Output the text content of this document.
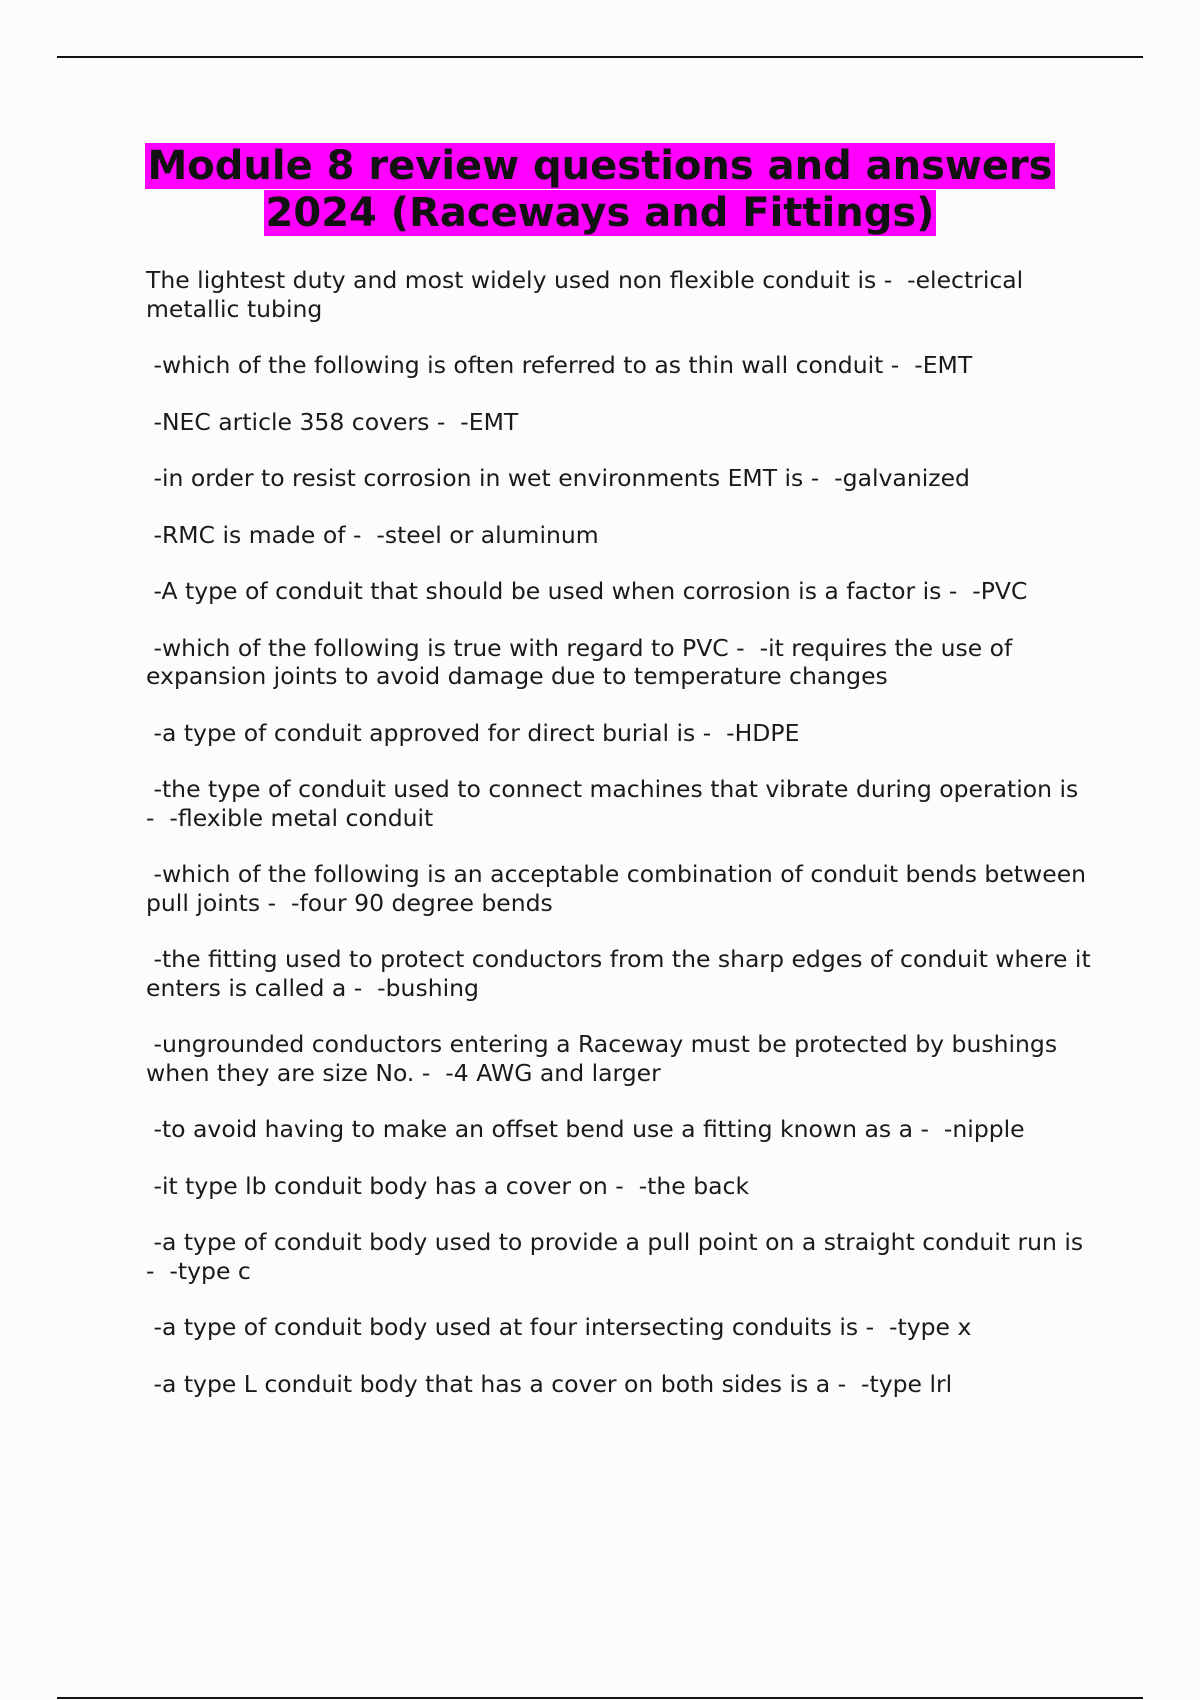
Module 8 review questions and answers
2024 (Raceways and Fittings)
The lightest duty and most widely used non flexible conduit is -  -electrical metallic tubing
-which of the following is often referred to as thin wall conduit -  -EMT
-NEC article 358 covers -  -EMT
-in order to resist corrosion in wet environments EMT is -  -galvanized
-RMC is made of -  -steel or aluminum
-A type of conduit that should be used when corrosion is a factor is -  -PVC
-which of the following is true with regard to PVC -  -it requires the use of expansion joints to avoid damage due to temperature changes
-a type of conduit approved for direct burial is -  -HDPE
-the type of conduit used to connect machines that vibrate during operation is -  -flexible metal conduit
-which of the following is an acceptable combination of conduit bends between pull joints -  -four 90 degree bends
-the fitting used to protect conductors from the sharp edges of conduit where it enters is called a -  -bushing
-ungrounded conductors entering a Raceway must be protected by bushings when they are size No. -  -4 AWG and larger
-to avoid having to make an offset bend use a fitting known as a -  -nipple
-it type lb conduit body has a cover on -  -the back
-a type of conduit body used to provide a pull point on a straight conduit run is -  -type c
-a type of conduit body used at four intersecting conduits is -  -type x
-a type L conduit body that has a cover on both sides is a -  -type lrl
